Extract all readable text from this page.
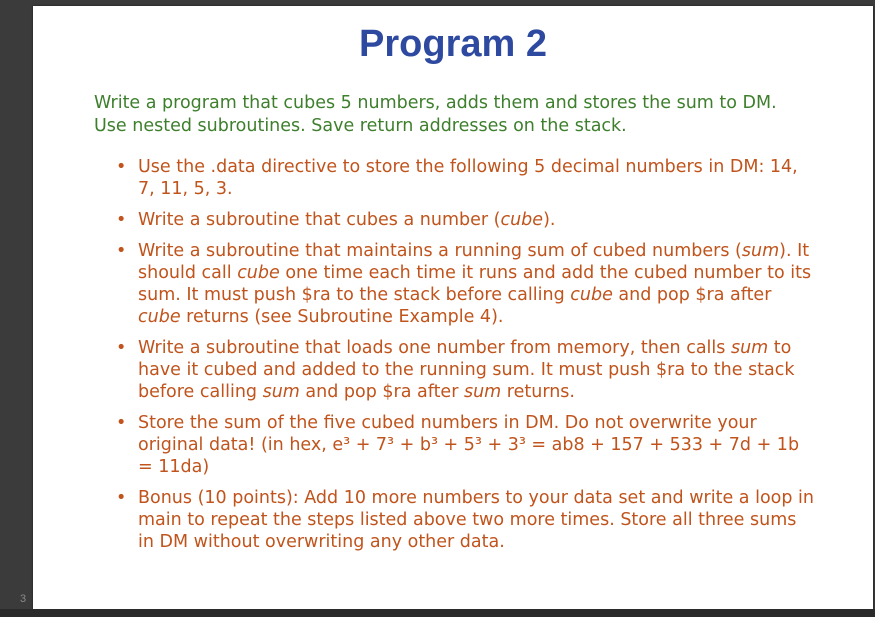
Program 2
Write a program that cubes 5 numbers, adds them and stores the sum to DM. Use nested subroutines. Save return addresses on the stack.
• Use the .data directive to store the following 5 decimal numbers in DM: 14, 7, 11, 5, 3.
• Write a subroutine that cubes a number (cube).
• Write a subroutine that maintains a running sum of cubed numbers (sum). It should call cube one time each time it runs and add the cubed number to its sum. It must push $ra to the stack before calling cube and pop $ra after cube returns (see Subroutine Example 4).
• Write a subroutine that loads one number from memory, then calls sum to have it cubed and added to the running sum. It must push $ra to the stack before calling sum and pop $ra after sum returns.
• Store the sum of the five cubed numbers in DM. Do not overwrite your original data! (in hex, e³ + 7³ + b³ + 5³ + 3³ = ab8 + 157 + 533 + 7d + 1b = 11da)
• Bonus (10 points): Add 10 more numbers to your data set and write a loop in main to repeat the steps listed above two more times. Store all three sums in DM without overwriting any other data.
3
